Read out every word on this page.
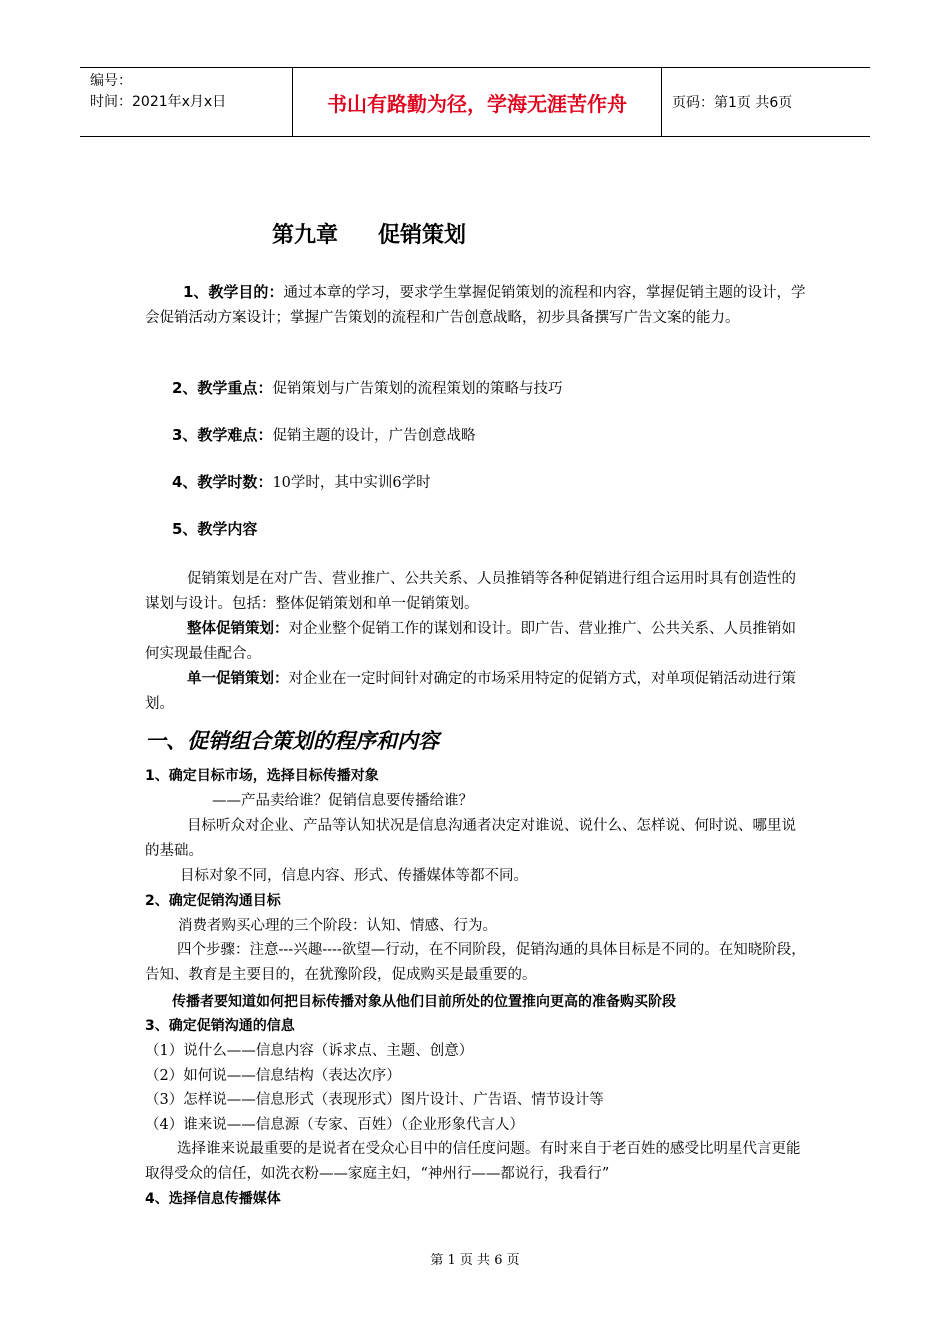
编号：
时间：2021年x月x日	书山有路勤为径，学海无涯苦作舟	页码：第1页 共6页
第九章 促销策划
1、教学目的：通过本章的学习，要求学生掌握促销策划的流程和内容，掌握促销主题的设计，学会促销活动方案设计；掌握广告策划的流程和广告创意战略，初步具备撰写广告文案的能力。
2、教学重点：促销策划与广告策划的流程策划的策略与技巧
3、教学难点：促销主题的设计，广告创意战略
4、教学时数：10学时，其中实训6学时
5、教学内容
促销策划是在对广告、营业推广、公共关系、人员推销等各种促销进行组合运用时具有创造性的谋划与设计。包括：整体促销策划和单一促销策划。
整体促销策划：对企业整个促销工作的谋划和设计。即广告、营业推广、公共关系、人员推销如何实现最佳配合。
单一促销策划：对企业在一定时间针对确定的市场采用特定的促销方式，对单项促销活动进行策划。
一、促销组合策划的程序和内容
1、确定目标市场，选择目标传播对象
——产品卖给谁？促销信息要传播给谁？
目标听众对企业、产品等认知状况是信息沟通者决定对谁说、说什么、怎样说、何时说、哪里说的基础。
目标对象不同，信息内容、形式、传播媒体等都不同。
2、确定促销沟通目标
消费者购买心理的三个阶段：认知、情感、行为。
四个步骤：注意---兴趣----欲望—行动，在不同阶段，促销沟通的具体目标是不同的。在知晓阶段，告知、教育是主要目的，在犹豫阶段，促成购买是最重要的。
传播者要知道如何把目标传播对象从他们目前所处的位置推向更高的准备购买阶段
3、确定促销沟通的信息
（1）说什么——信息内容（诉求点、主题、创意）
（2）如何说——信息结构（表达次序）
（3）怎样说——信息形式（表现形式）图片设计、广告语、情节设计等
（4）谁来说——信息源（专家、百姓）（企业形象代言人）
选择谁来说最重要的是说者在受众心目中的信任度问题。有时来自于老百姓的感受比明星代言更能取得受众的信任，如洗衣粉——家庭主妇，“神州行——都说行，我看行”
4、选择信息传播媒体
第 1 页 共 6 页
